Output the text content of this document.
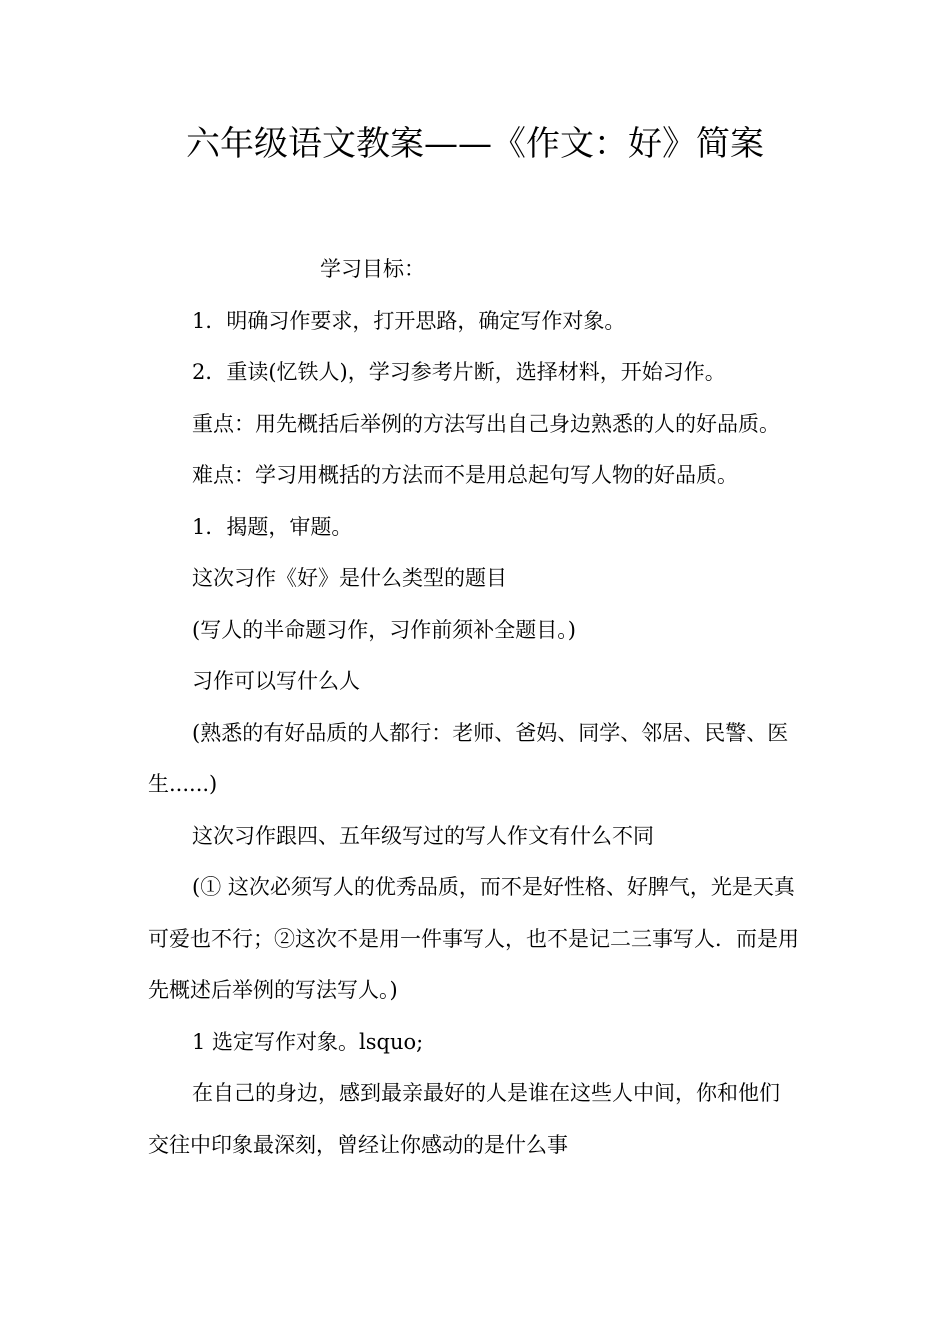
六年级语文教案——《作文：好》简案

学习目标：

1．明确习作要求，打开思路，确定写作对象。

2．重读(忆铁人)，学习参考片断，选择材料，开始习作。

重点：用先概括后举例的方法写出自己身边熟悉的人的好品质。

难点：学习用概括的方法而不是用总起句写人物的好品质。

1．揭题，审题。

这次习作《好》是什么类型的题目

(写人的半命题习作，习作前须补全题目。)

习作可以写什么人

(熟悉的有好品质的人都行：老师、爸妈、同学、邻居、民警、医生......)

这次习作跟四、五年级写过的写人作文有什么不同

(① 这次必须写人的优秀品质，而不是好性格、好脾气，光是天真可爱也不行；②这次不是用一件事写人，也不是记二三事写人．而是用先概述后举例的写法写人。)

1 选定写作对象。lsquo;

在自己的身边，感到最亲最好的人是谁在这些人中间，你和他们交往中印象最深刻，曾经让你感动的是什么事
